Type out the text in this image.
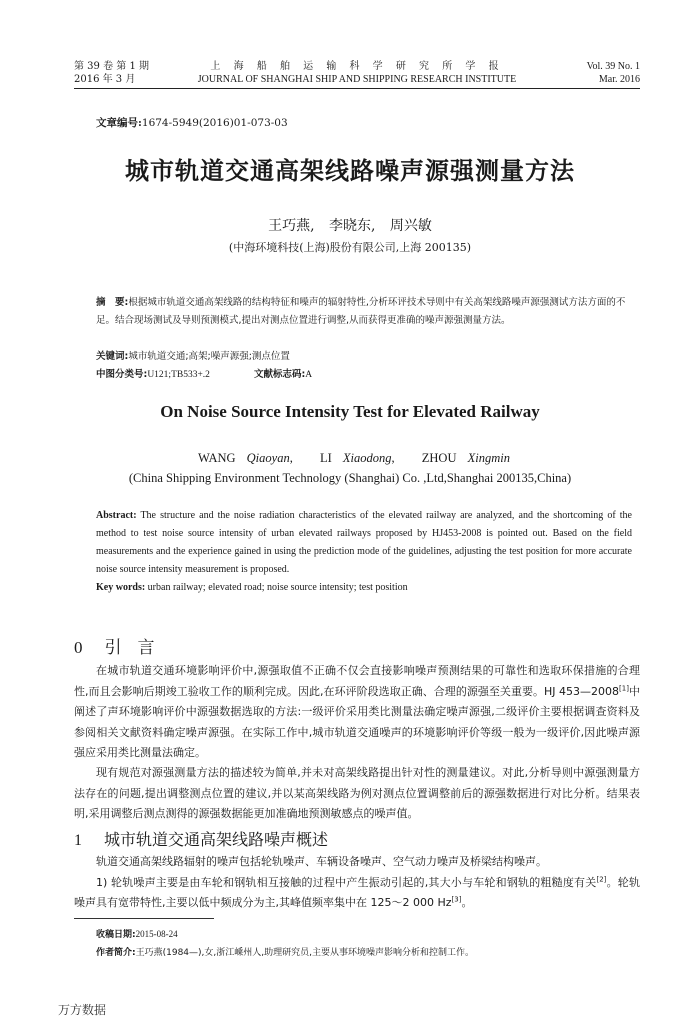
第 39 卷 第 1 期
2016 年 3 月
上 海 船 舶 运 输 科 学 研 究 所 学 报
JOURNAL OF SHANGHAI SHIP AND SHIPPING RESEARCH INSTITUTE
Vol. 39 No. 1
Mar. 2016
文章编号:1674-5949(2016)01-073-03
城市轨道交通高架线路噪声源强测量方法
王巧燕, 李晓东, 周兴敏
(中海环境科技(上海)股份有限公司,上海 200135)
摘　要:根据城市轨道交通高架线路的结构特征和噪声的辐射特性,分析环评技术导则中有关高架线路噪声源强测试方法方面的不足。结合现场测试及导则预测模式,提出对测点位置进行调整,从而获得更准确的噪声源强测量方法。
关键词:城市轨道交通;高架;噪声源强;测点位置
中图分类号:U121;TB533+.2	文献标志码:A
On Noise Source Intensity Test for Elevated Railway
WANG Qiaoyan, LI Xiaodong, ZHOU Xingmin
(China Shipping Environment Technology (Shanghai) Co. ,Ltd,Shanghai 200135,China)
Abstract: The structure and the noise radiation characteristics of the elevated railway are analyzed, and the shortcoming of the method to test noise source intensity of urban elevated railways proposed by HJ453-2008 is pointed out. Based on the field measurements and the experience gained in using the prediction mode of the guidelines, adjusting the test position for more accurate noise source intensity measurement is proposed.
Key words: urban railway; elevated road; noise source intensity; test position
0 引言

在城市轨道交通环境影响评价中,源强取值不正确不仅会直接影响噪声预测结果的可靠性和选取环保措施的合理性,而且会影响后期竣工验收工作的顺利完成。因此,在环评阶段选取正确、合理的源强至关重要。HJ 453—2008[1]中阐述了声环境影响评价中源强数据选取的方法:一级评价采用类比测量法确定噪声源强,二级评价主要根据调查资料及参阅相关文献资料确定噪声源强。在实际工作中,城市轨道交通噪声的环境影响评价等级一般为一级评价,因此噪声源强应采用类比测量法确定。

现有规范对源强测量方法的描述较为简单,并未对高架线路提出针对性的测量建议。对此,分析导则中源强测量方法存在的问题,提出调整测点位置的建议,并以某高架线路为例对测点位置调整前后的源强数据进行对比分析。结果表明,采用调整后测点测得的源强数据能更加准确地预测敏感点的噪声值。

1 城市轨道交通高架线路噪声概述

轨道交通高架线路辐射的噪声包括轮轨噪声、车辆设备噪声、空气动力噪声及桥梁结构噪声。

1) 轮轨噪声主要是由车轮和钢轨相互接触的过程中产生振动引起的,其大小与车轮和钢轨的粗糙度有关[2]。轮轨噪声具有宽带特性,主要以低中频成分为主,其峰值频率集中在 125～2 000 Hz[3]。

收稿日期:2015-08-24
作者简介:王巧燕(1984—),女,浙江嵊州人,助理研究员,主要从事环境噪声影响分析和控制工作。
万方数据
